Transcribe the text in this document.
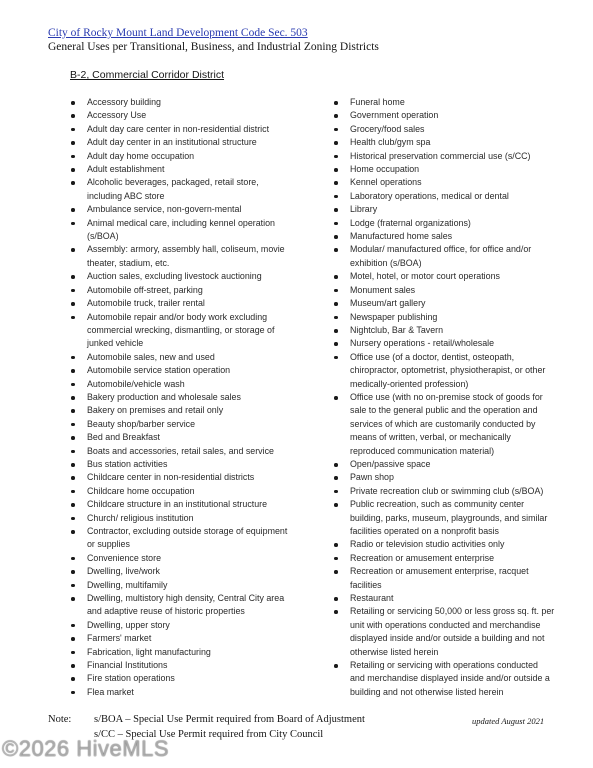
City of Rocky Mount Land Development Code Sec. 503
General Uses per Transitional, Business, and Industrial Zoning Districts
B-2, Commercial Corridor District
Accessory building
Accessory Use
Adult day care center in non-residential district
Adult day center in an institutional structure
Adult day home occupation
Adult establishment
Alcoholic beverages, packaged, retail store, including ABC store
Ambulance service, non-govern-mental
Animal medical care, including kennel operation (s/BOA)
Assembly: armory, assembly hall, coliseum, movie theater, stadium, etc.
Auction sales, excluding livestock auctioning
Automobile off-street, parking
Automobile truck, trailer rental
Automobile repair and/or body work excluding commercial wrecking, dismantling, or storage of junked vehicle
Automobile sales, new and used
Automobile service station operation
Automobile/vehicle wash
Bakery production and wholesale sales
Bakery on premises and retail only
Beauty shop/barber service
Bed and Breakfast
Boats and accessories, retail sales, and service
Bus station activities
Childcare center in non-residential districts
Childcare home occupation
Childcare structure in an institutional structure
Church/ religious institution
Contractor, excluding outside storage of equipment or supplies
Convenience store
Dwelling, live/work
Dwelling, multifamily
Dwelling, multistory high density, Central City area and adaptive reuse of historic properties
Dwelling, upper story
Farmers' market
Fabrication, light manufacturing
Financial Institutions
Fire station operations
Flea market
Funeral home
Government operation
Grocery/food sales
Health club/gym spa
Historical preservation commercial use (s/CC)
Home occupation
Kennel operations
Laboratory operations, medical or dental
Library
Lodge (fraternal organizations)
Manufactured home sales
Modular/ manufactured office, for office and/or exhibition (s/BOA)
Motel, hotel, or motor court operations
Monument sales
Museum/art gallery
Newspaper publishing
Nightclub, Bar & Tavern
Nursery operations - retail/wholesale
Office use (of a doctor, dentist, osteopath, chiropractor, optometrist, physiotherapist, or other medically-oriented profession)
Office use (with no on-premise stock of goods for sale to the general public and the operation and services of which are customarily conducted by means of written, verbal, or mechanically reproduced communication material)
Open/passive space
Pawn shop
Private recreation club or swimming club (s/BOA)
Public recreation, such as community center building, parks, museum, playgrounds, and similar facilities operated on a nonprofit basis
Radio or television studio activities only
Recreation or amusement enterprise
Recreation or amusement enterprise, racquet facilities
Restaurant
Retailing or servicing 50,000 or less gross sq. ft. per unit with operations conducted and merchandise displayed inside and/or outside a building and not otherwise listed herein
Retailing or servicing with operations conducted and merchandise displayed inside and/or outside a building and not otherwise listed herein
Note: s/BOA – Special Use Permit required from Board of Adjustment
s/CC – Special Use Permit required from City Council
updated August 2021
©2026 HiveMLS
